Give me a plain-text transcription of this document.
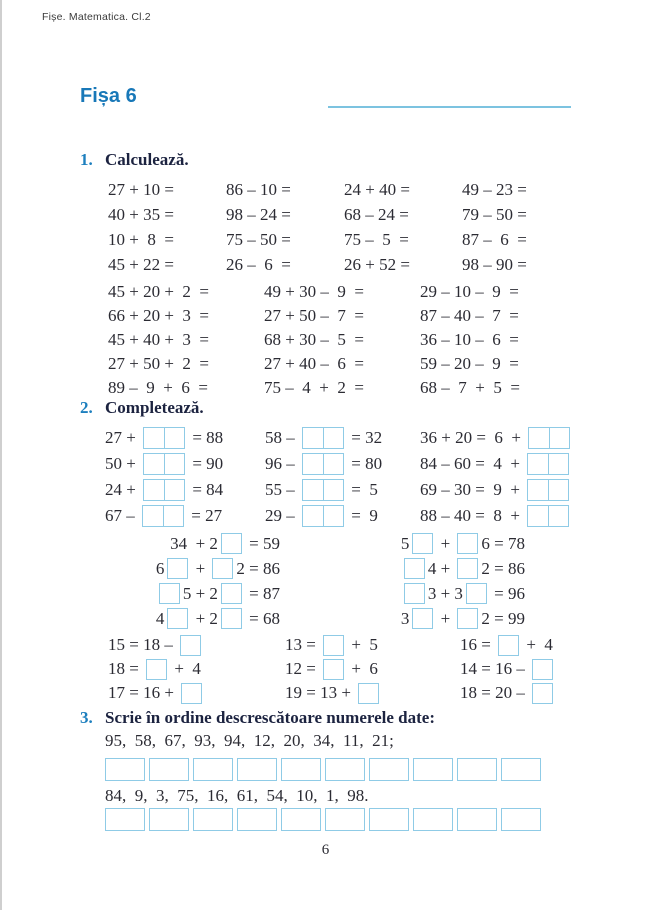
Fișe. Matematica. Cl.2
Fișa 6
1. Calculează.
27 + 10 =	86 – 10 =	24 + 40 =	49 – 23 =
40 + 35 =	98 – 24 =	68 – 24 =	79 – 50 =
10 +  8  =	75 – 50 =	75 –  5  =	87 –  6  =
45 + 22 =	26 –  6  =	26 + 52 =	98 – 90 =
45 + 20 +  2  =	49 + 30 –  9  =	29 – 10 –  9  =
66 + 20 +  3  =	27 + 50 –  7  =	87 – 40 –  7  =
45 + 40 +  3  =	68 + 30 –  5  =	36 – 10 –  6  =
27 + 50 +  2  =	27 + 40 –  6  =	59 – 20 –  9  =
89 –  9  +  6  =	75 –  4  +  2  =	68 –  7  +  5  =
2. Completează.
27 +	= 88 58 –	= 32 36 + 20 =  6  +
50 +	= 90 96 –	= 80 84 – 60 =  4  +
24 +	= 84 55 –	=  5 69 – 30 =  9  +
67 –	= 27	29 –	=  9 88 – 40 =  8  +
34  + 2 = 59	5 + 6 = 78
6 + 2 = 86	4 + 2 = 86
5 + 2 = 87	3 + 3 = 96
4 + 2 = 68	3 + 2 = 99
15 = 18 –	13 = +  5	16 = +  4
18 = +  4	12 = +  6	14 = 16 –
17 = 16 +	19 = 13 +	18 = 20 –
3. Scrie în ordine descrescătoare numerele date:
95,  58,  67,  93,  94,  12,  20,  34,  11,  21;
84,  9,  3,  75,  16,  61,  54,  10,  1,  98.
6
